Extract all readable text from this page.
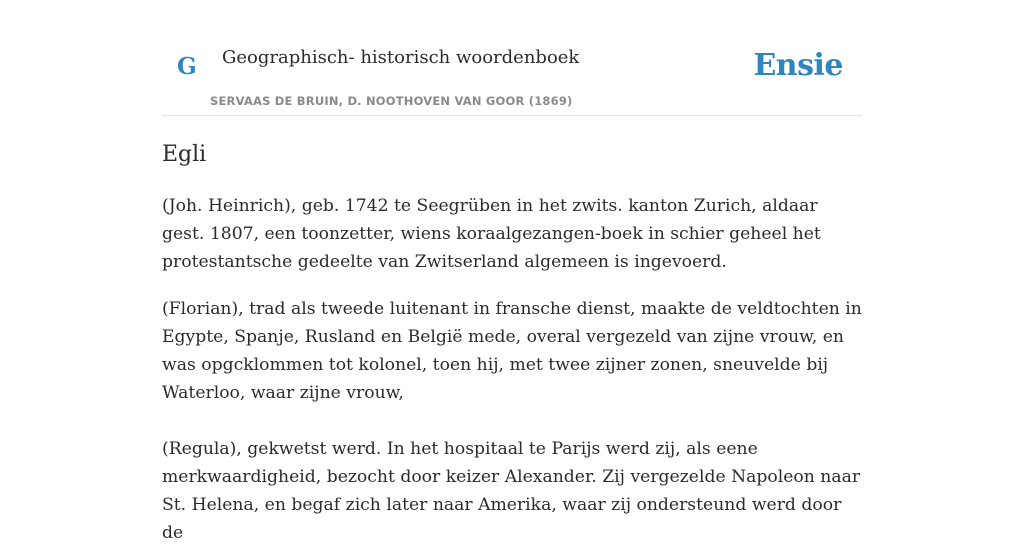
G Geographisch- historisch woordenboek
SERVAAS DE BRUIN, D. NOOTHOVEN VAN GOOR (1869)
Ensie
Egli

(Joh. Heinrich), geb. 1742 te Seegrüben in het zwits. kanton Zurich, aldaar gest. 1807, een toonzetter, wiens koraalgezangen-boek in schier geheel het protestantsche gedeelte van Zwitserland algemeen is ingevoerd.

(Florian), trad als tweede luitenant in fransche dienst, maakte de veldtochten in Egypte, Spanje, Rusland en België mede, overal vergezeld van zijne vrouw, en was opgcklommen tot kolonel, toen hij, met twee zijner zonen, sneuvelde bij Waterloo, waar zijne vrouw,

(Regula), gekwetst werd. In het hospitaal te Parijs werd zij, als eene merkwaardigheid, bezocht door keizer Alexander. Zij vergezelde Napoleon naar St. Helena, en begaf zich later naar Amerika, waar zij ondersteund werd door de
